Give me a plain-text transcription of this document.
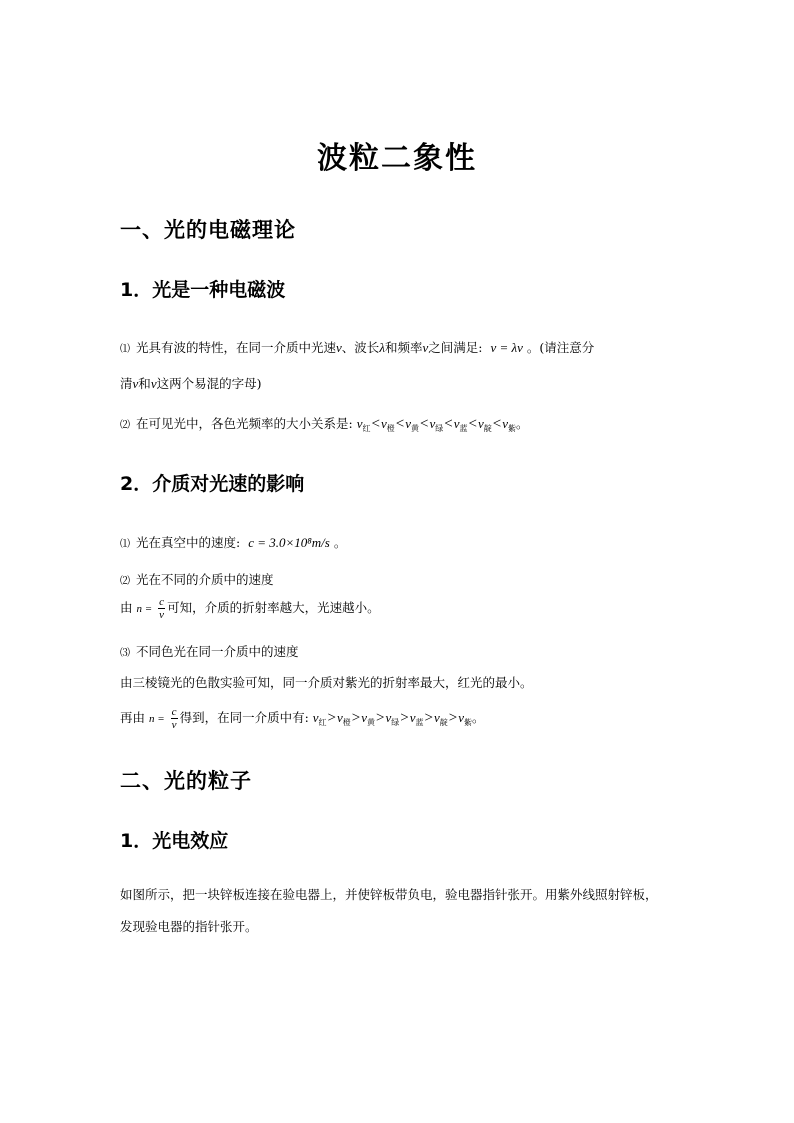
波粒二象性
一、光的电磁理论
1．光是一种电磁波
⑴ 光具有波的特性，在同一介质中光速v、波长λ和频率ν之间满足: v = λν 。(请注意分
清v和ν这两个易混的字母)
⑵ 在可见光中，各色光频率的大小关系是: $\nu_红<\nu_橙<\nu_黄<\nu_绿<\nu_蓝<\nu_靛<\nu_紫$。
2．介质对光速的影响
⑴ 光在真空中的速度: c = 3.0×10⁸m/s 。
⑵ 光在不同的介质中的速度
由 $n = \frac{c}{v}$ 可知，介质的折射率越大，光速越小。
⑶ 不同色光在同一介质中的速度
由三棱镜光的色散实验可知，同一介质对紫光的折射率最大，红光的最小。
再由 $n = \frac{c}{v}$ 得到，在同一介质中有: $v_红>v_橙>v_黄>v_绿>v_蓝>v_靛>v_紫$。
二、光的粒子
1．光电效应
如图所示，把一块锌板连接在验电器上，并使锌板带负电，验电器指针张开。用紫外线照射锌板，
发现验电器的指针张开。
